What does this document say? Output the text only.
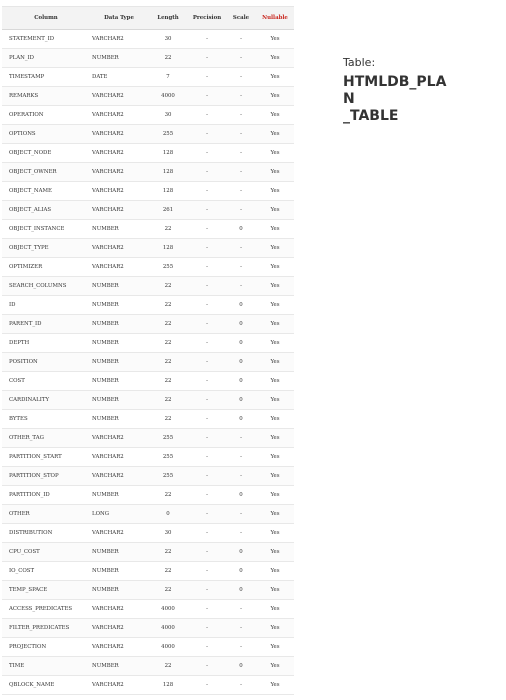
Column	Data Type	Length	Precision	Scale	Nullable
STATEMENT_ID	VARCHAR2	30	-	-	Yes
PLAN_ID	NUMBER	22	-	-	Yes
TIMESTAMP	DATE	7	-	-	Yes
REMARKS	VARCHAR2	4000	-	-	Yes
OPERATION	VARCHAR2	30	-	-	Yes
OPTIONS	VARCHAR2	255	-	-	Yes
OBJECT_NODE	VARCHAR2	128	-	-	Yes
OBJECT_OWNER	VARCHAR2	128	-	-	Yes
OBJECT_NAME	VARCHAR2	128	-	-	Yes
OBJECT_ALIAS	VARCHAR2	261	-	-	Yes
OBJECT_INSTANCE	NUMBER	22	-	0	Yes
OBJECT_TYPE	VARCHAR2	128	-	-	Yes
OPTIMIZER	VARCHAR2	255	-	-	Yes
SEARCH_COLUMNS	NUMBER	22	-	-	Yes
ID	NUMBER	22	-	0	Yes
PARENT_ID	NUMBER	22	-	0	Yes
DEPTH	NUMBER	22	-	0	Yes
POSITION	NUMBER	22	-	0	Yes
COST	NUMBER	22	-	0	Yes
CARDINALITY	NUMBER	22	-	0	Yes
BYTES	NUMBER	22	-	0	Yes
OTHER_TAG	VARCHAR2	255	-	-	Yes
PARTITION_START	VARCHAR2	255	-	-	Yes
PARTITION_STOP	VARCHAR2	255	-	-	Yes
PARTITION_ID	NUMBER	22	-	0	Yes
OTHER	LONG	0	-	-	Yes
DISTRIBUTION	VARCHAR2	30	-	-	Yes
CPU_COST	NUMBER	22	-	0	Yes
IO_COST	NUMBER	22	-	0	Yes
TEMP_SPACE	NUMBER	22	-	0	Yes
ACCESS_PREDICATES	VARCHAR2	4000	-	-	Yes
FILTER_PREDICATES	VARCHAR2	4000	-	-	Yes
PROJECTION	VARCHAR2	4000	-	-	Yes
TIME	NUMBER	22	-	0	Yes
QBLOCK_NAME	VARCHAR2	128	-	-	Yes
Table:
HTMLDB_PLAN
_TABLE
